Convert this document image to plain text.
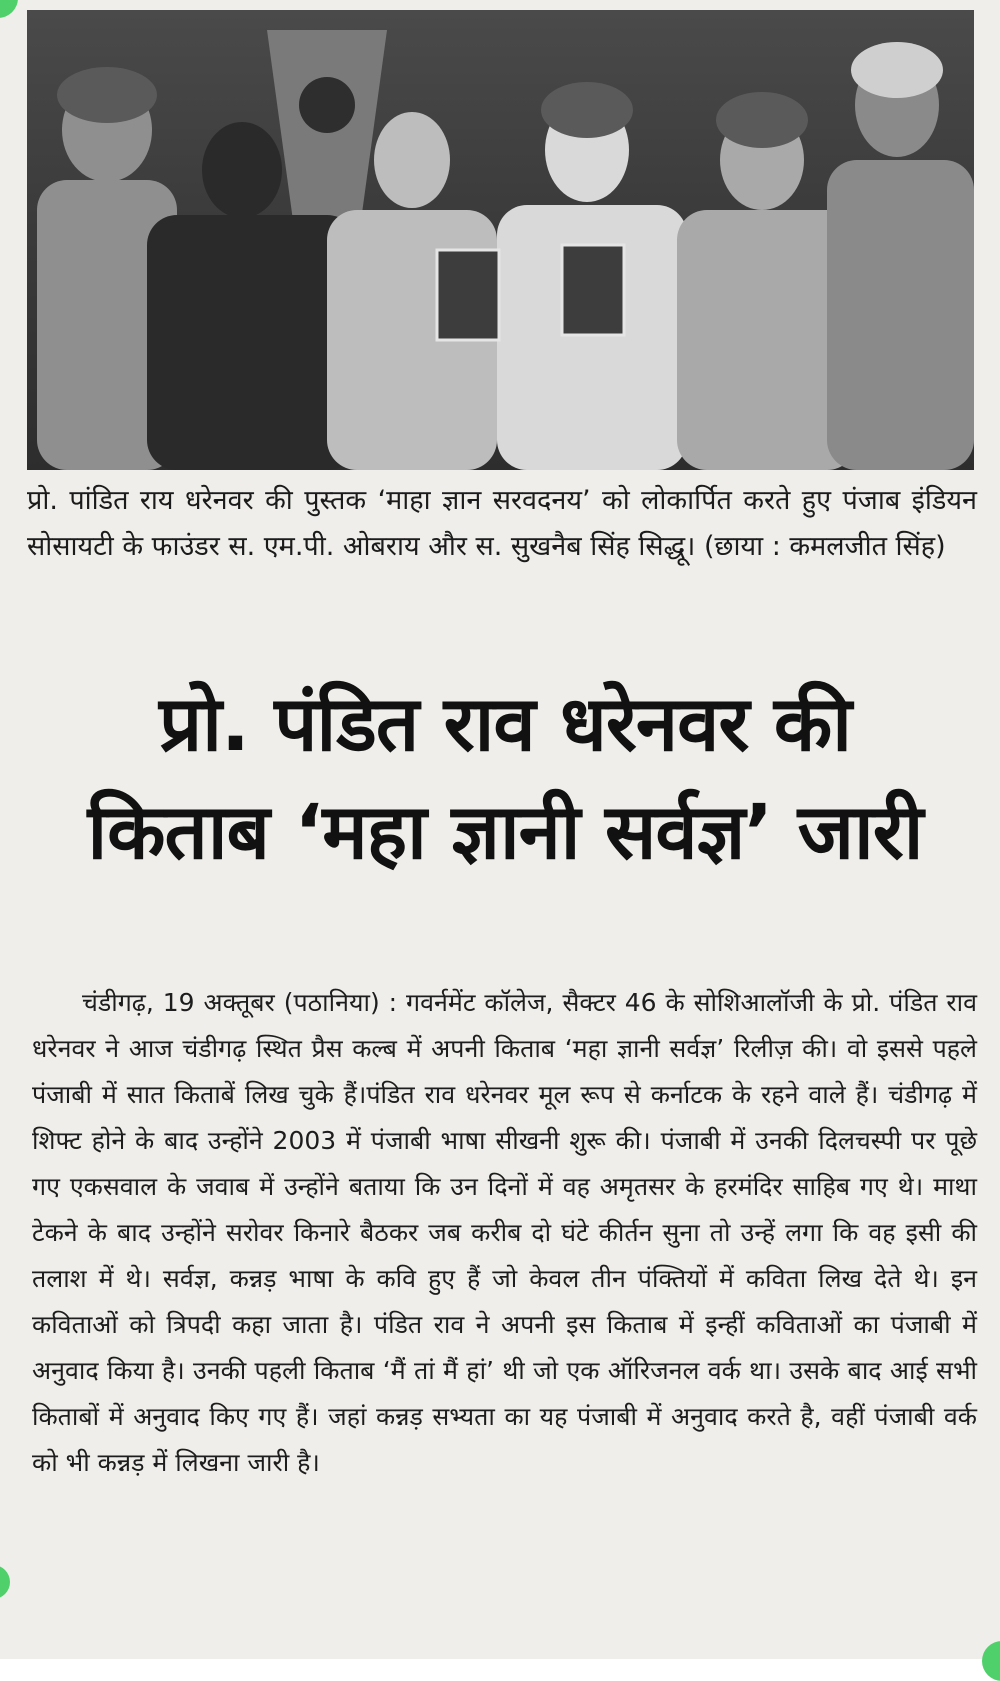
प्रो. पांडित राय धरेनवर की पुस्तक ‘माहा ज्ञान सरवदनय’ को लोकार्पित करते हुए पंजाब इंडियन सोसायटी के फाउंडर स. एम.पी. ओबराय और स. सुखनैब सिंह सिद्धू। (छाया : कमलजीत सिंह)
प्रो. पंडित राव धरेनवर की
किताब ‘महा ज्ञानी सर्वज्ञ’ जारी

चंडीगढ़, 19 अक्तूबर (पठानिया) : गवर्नमेंट कॉलेज, सैक्टर 46 के सोशिआलॉजी के प्रो. पंडित राव धरेनवर ने आज चंडीगढ़ स्थित प्रैस कल्ब में अपनी किताब ‘महा ज्ञानी सर्वज्ञ’ रिलीज़ की। वो इससे पहले पंजाबी में सात किताबें लिख चुके हैं।पंडित राव धरेनवर मूल रूप से कर्नाटक के रहने वाले हैं। चंडीगढ़ में शिफ्ट होने के बाद उन्होंने 2003 में पंजाबी भाषा सीखनी शुरू की। पंजाबी में उनकी दिलचस्पी पर पूछे गए एकसवाल के जवाब में उन्होंने बताया कि उन दिनों में वह अमृतसर के हरमंदिर साहिब गए थे। माथा टेकने के बाद उन्होंने सरोवर किनारे बैठकर जब करीब दो घंटे कीर्तन सुना तो उन्हें लगा कि वह इसी की तलाश में थे। सर्वज्ञ, कन्नड़ भाषा के कवि हुए हैं जो केवल तीन पंक्तियों में कविता लिख देते थे। इन कविताओं को त्रिपदी कहा जाता है। पंडित राव ने अपनी इस किताब में इन्हीं कविताओं का पंजाबी में अनुवाद किया है। उनकी पहली किताब ‘मैं तां मैं हां’ थी जो एक ऑरिजनल वर्क था। उसके बाद आई सभी किताबों में अनुवाद किए गए हैं। जहां कन्नड़ सभ्यता का यह पंजाबी में अनुवाद करते है, वहीं पंजाबी वर्क को भी कन्नड़ में लिखना जारी है।
